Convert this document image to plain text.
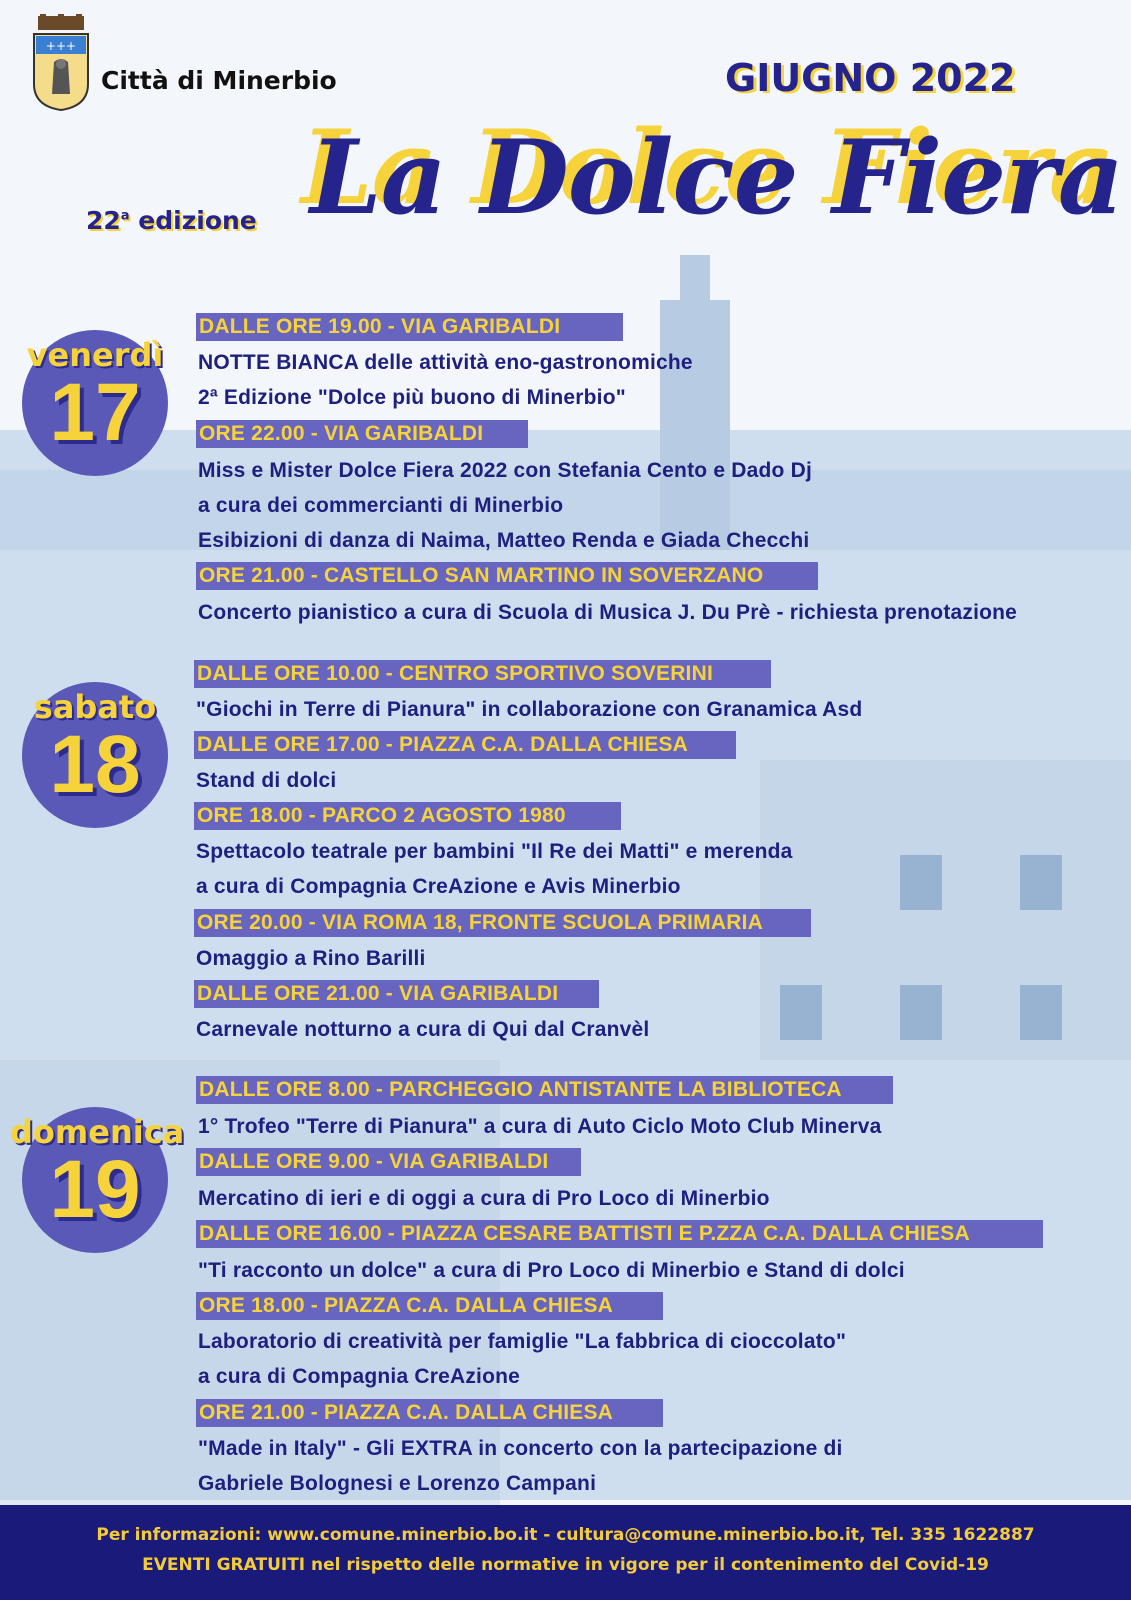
+++
Città di Minerbio	GIUGNO 2022
22$^a$ edizione La Dolce Fiera
venerdì
17
sabato
18
domenica
19
DALLE ORE 19.00 - VIA GARIBALDI
NOTTE BIANCA delle attività eno-gastronomiche
2ª Edizione "Dolce più buono di Minerbio"
ORE 22.00 - VIA GARIBALDI
Miss e Mister Dolce Fiera 2022 con Stefania Cento e Dado Dj
a cura dei commercianti di Minerbio
Esibizioni di danza di Naima, Matteo Renda e Giada Checchi
ORE 21.00 - CASTELLO SAN MARTINO IN SOVERZANO
Concerto pianistico a cura di Scuola di Musica J. Du Prè - richiesta prenotazione
DALLE ORE 10.00 - CENTRO SPORTIVO SOVERINI
"Giochi in Terre di Pianura" in collaborazione con Granamica Asd
DALLE ORE 17.00 - PIAZZA C.A. DALLA CHIESA
Stand di dolci
ORE 18.00 - PARCO 2 AGOSTO 1980
Spettacolo teatrale per bambini "Il Re dei Matti" e merenda
a cura di Compagnia CreAzione e Avis Minerbio
ORE 20.00 - VIA ROMA 18, FRONTE SCUOLA PRIMARIA
Omaggio a Rino Barilli
DALLE ORE 21.00 - VIA GARIBALDI
Carnevale notturno a cura di Qui dal Cranvèl
DALLE ORE 8.00 - PARCHEGGIO ANTISTANTE LA BIBLIOTECA
1° Trofeo "Terre di Pianura" a cura di Auto Ciclo Moto Club Minerva
DALLE ORE 9.00 - VIA GARIBALDI
Mercatino di ieri e di oggi a cura di Pro Loco di Minerbio
DALLE ORE 16.00 - PIAZZA CESARE BATTISTI E P.ZZA C.A. DALLA CHIESA
"Ti racconto un dolce" a cura di Pro Loco di Minerbio e Stand di dolci
ORE 18.00 - PIAZZA C.A. DALLA CHIESA
Laboratorio di creatività per famiglie "La fabbrica di cioccolato"
a cura di Compagnia CreAzione
ORE 21.00 - PIAZZA C.A. DALLA CHIESA
"Made in Italy" - Gli EXTRA in concerto con la partecipazione di
Gabriele Bolognesi e Lorenzo Campani
Per informazioni: www.comune.minerbio.bo.it - cultura@comune.minerbio.bo.it, Tel. 335 1622887
EVENTI GRATUITI nel rispetto delle normative in vigore per il contenimento del Covid-19
